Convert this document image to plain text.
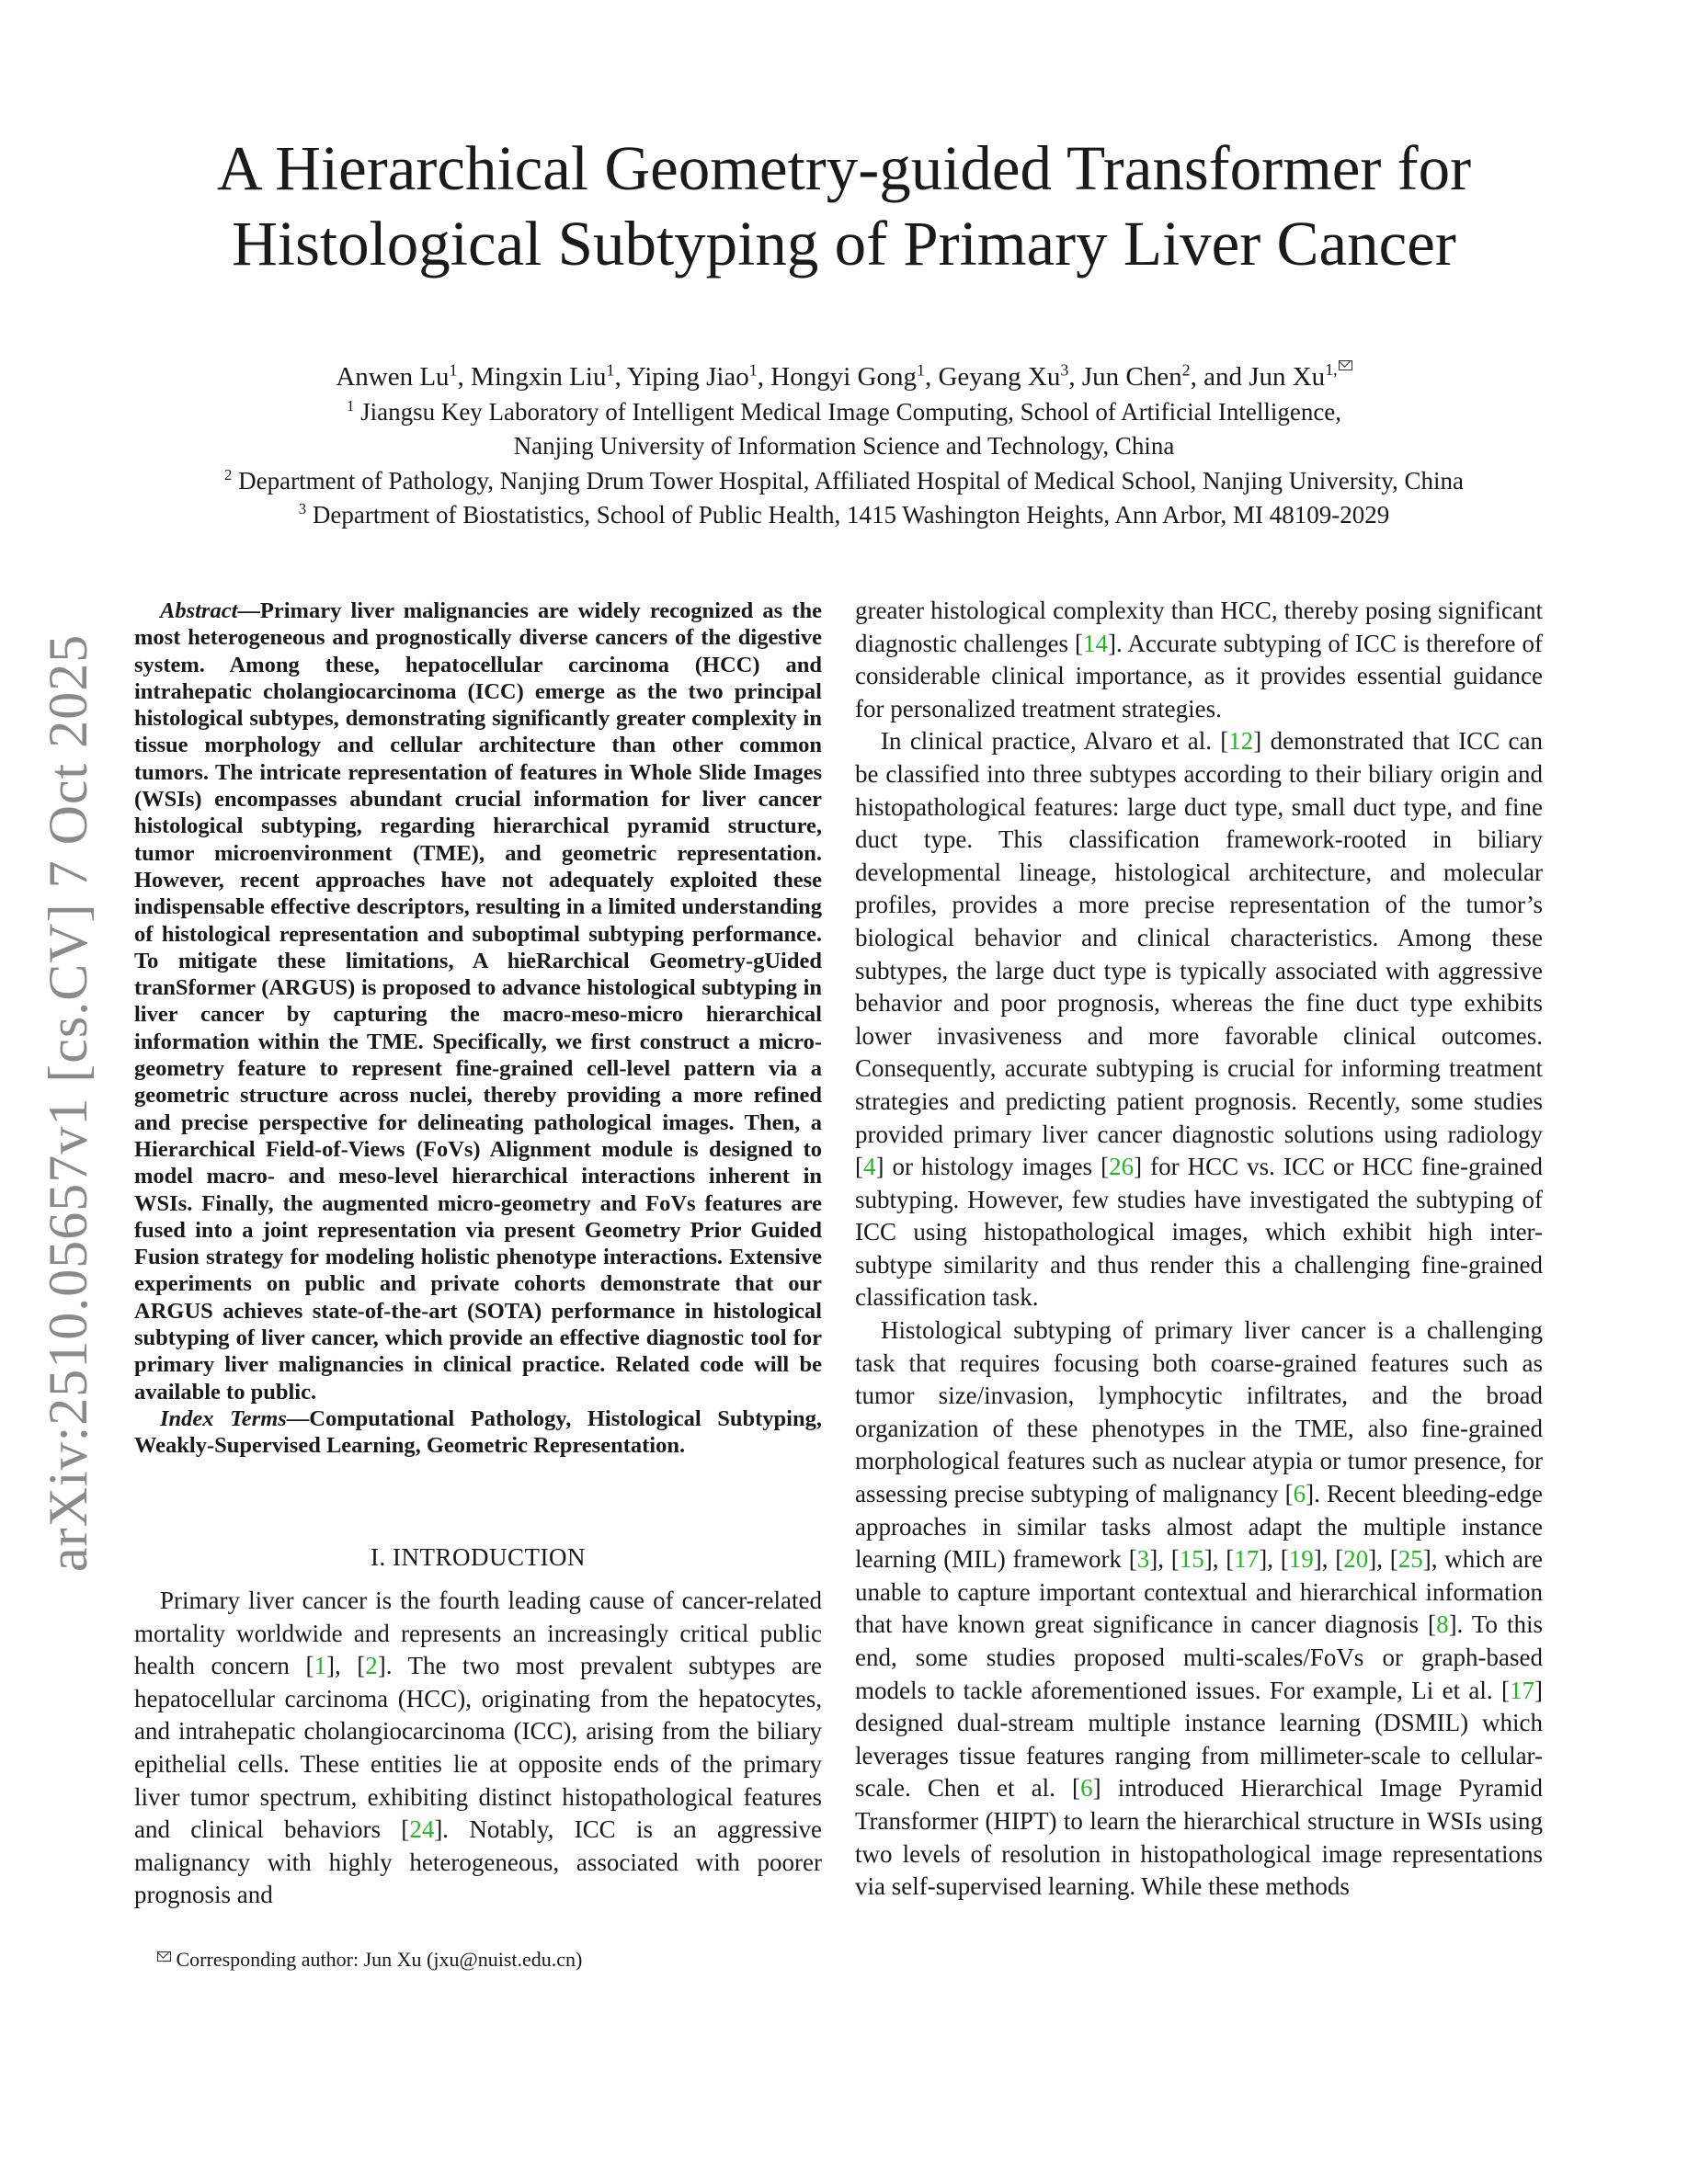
arXiv:2510.05657v1 [cs.CV] 7 Oct 2025
A Hierarchical Geometry-guided Transformer for
Histological Subtyping of Primary Liver Cancer
Anwen Lu$^1$, Mingxin Liu$^1$, Yiping Jiao$^1$, Hongyi Gong$^1$, Geyang Xu$^3$, Jun Chen$^2$, and Jun $Xu^{1,}$
$^1$ Jiangsu Key Laboratory of Intelligent Medical Image Computing, School of Artificial Intelligence,
Nanjing University of Information Science and Technology, China
$^2$ Department of Pathology, Nanjing Drum Tower Hospital, Affiliated Hospital of Medical School, Nanjing University, China
$^3$ Department of Biostatistics, School of Public Health, 1415 Washington Heights, Ann Arbor, MI 48109-2029

Abstract—Primary liver malignancies are widely recognized as the most heterogeneous and prognostically diverse cancers of the digestive system. Among these, hepatocellular carcinoma (HCC) and intrahepatic cholangiocarcinoma (ICC) emerge as the two principal histological subtypes, demonstrating significantly greater complexity in tissue morphology and cellular architecture than other common tumors. The intricate representation of features in Whole Slide Images (WSIs) encompasses abundant crucial information for liver cancer histological subtyping, regarding hierarchical pyramid structure, tumor microenvironment (TME), and geometric representation. However, recent approaches have not adequately exploited these indispensable effective descriptors, resulting in a limited understanding of histological representation and suboptimal subtyping performance. To mitigate these limitations, A hieRarchical Geometry-gUided tranSformer (ARGUS) is proposed to advance histological subtyping in liver cancer by capturing the macro-meso-micro hierarchical information within the TME. Specifically, we first construct a micro-geometry feature to represent fine-grained cell-level pattern via a geometric structure across nuclei, thereby providing a more refined and precise perspective for delineating pathological images. Then, a Hierarchical Field-of-Views (FoVs) Alignment module is designed to model macro- and meso-level hierarchical interactions inherent in WSIs. Finally, the augmented micro-geometry and FoVs features are fused into a joint representation via present Geometry Prior Guided Fusion strategy for modeling holistic phenotype interactions. Extensive experiments on public and private cohorts demonstrate that our ARGUS achieves state-of-the-art (SOTA) performance in histological subtyping of liver cancer, which provide an effective diagnostic tool for primary liver malignancies in clinical practice. Related code will be available to public.

Index Terms—Computational Pathology, Histological Subtyping, Weakly-Supervised Learning, Geometric Representation.

I. INTRODUCTION

Primary liver cancer is the fourth leading cause of cancer-related mortality worldwide and represents an increasingly critical public health concern [1], [2]. The two most prevalent subtypes are hepatocellular carcinoma (HCC), originating from the hepatocytes, and intrahepatic cholangiocarcinoma (ICC), arising from the biliary epithelial cells. These entities lie at opposite ends of the primary liver tumor spectrum, exhibiting distinct histopathological features and clinical behaviors [24]. Notably, ICC is an aggressive malignancy with highly heterogeneous, associated with poorer prognosis and

Corresponding author: Jun Xu (jxu@nuist.edu.cn)

greater histological complexity than HCC, thereby posing significant diagnostic challenges [14]. Accurate subtyping of ICC is therefore of considerable clinical importance, as it provides essential guidance for personalized treatment strategies.

In clinical practice, Alvaro et al. [12] demonstrated that ICC can be classified into three subtypes according to their biliary origin and histopathological features: large duct type, small duct type, and fine duct type. This classification framework-rooted in biliary developmental lineage, histological architecture, and molecular profiles, provides a more precise representation of the tumor’s biological behavior and clinical characteristics. Among these subtypes, the large duct type is typically associated with aggressive behavior and poor prognosis, whereas the fine duct type exhibits lower invasiveness and more favorable clinical outcomes. Consequently, accurate subtyping is crucial for informing treatment strategies and predicting patient prognosis. Recently, some studies provided primary liver cancer diagnostic solutions using radiology [4] or histology images [26] for HCC vs. ICC or HCC fine-grained subtyping. However, few studies have investigated the subtyping of ICC using histopathological images, which exhibit high inter-subtype similarity and thus render this a challenging fine-grained classification task.

Histological subtyping of primary liver cancer is a challenging task that requires focusing both coarse-grained features such as tumor size/invasion, lymphocytic infiltrates, and the broad organization of these phenotypes in the TME, also fine-grained morphological features such as nuclear atypia or tumor presence, for assessing precise subtyping of malignancy [6]. Recent bleeding-edge approaches in similar tasks almost adapt the multiple instance learning (MIL) framework [3], [15], [17], [19], [20], [25], which are unable to capture important contextual and hierarchical information that have known great significance in cancer diagnosis [8]. To this end, some studies proposed multi-scales/FoVs or graph-based models to tackle aforementioned issues. For example, Li et al. [17] designed dual-stream multiple instance learning (DSMIL) which leverages tissue features ranging from millimeter-scale to cellular-scale. Chen et al. [6] introduced Hierarchical Image Pyramid Transformer (HIPT) to learn the hierarchical structure in WSIs using two levels of resolution in histopathological image representations via self-supervised learning. While these methods
